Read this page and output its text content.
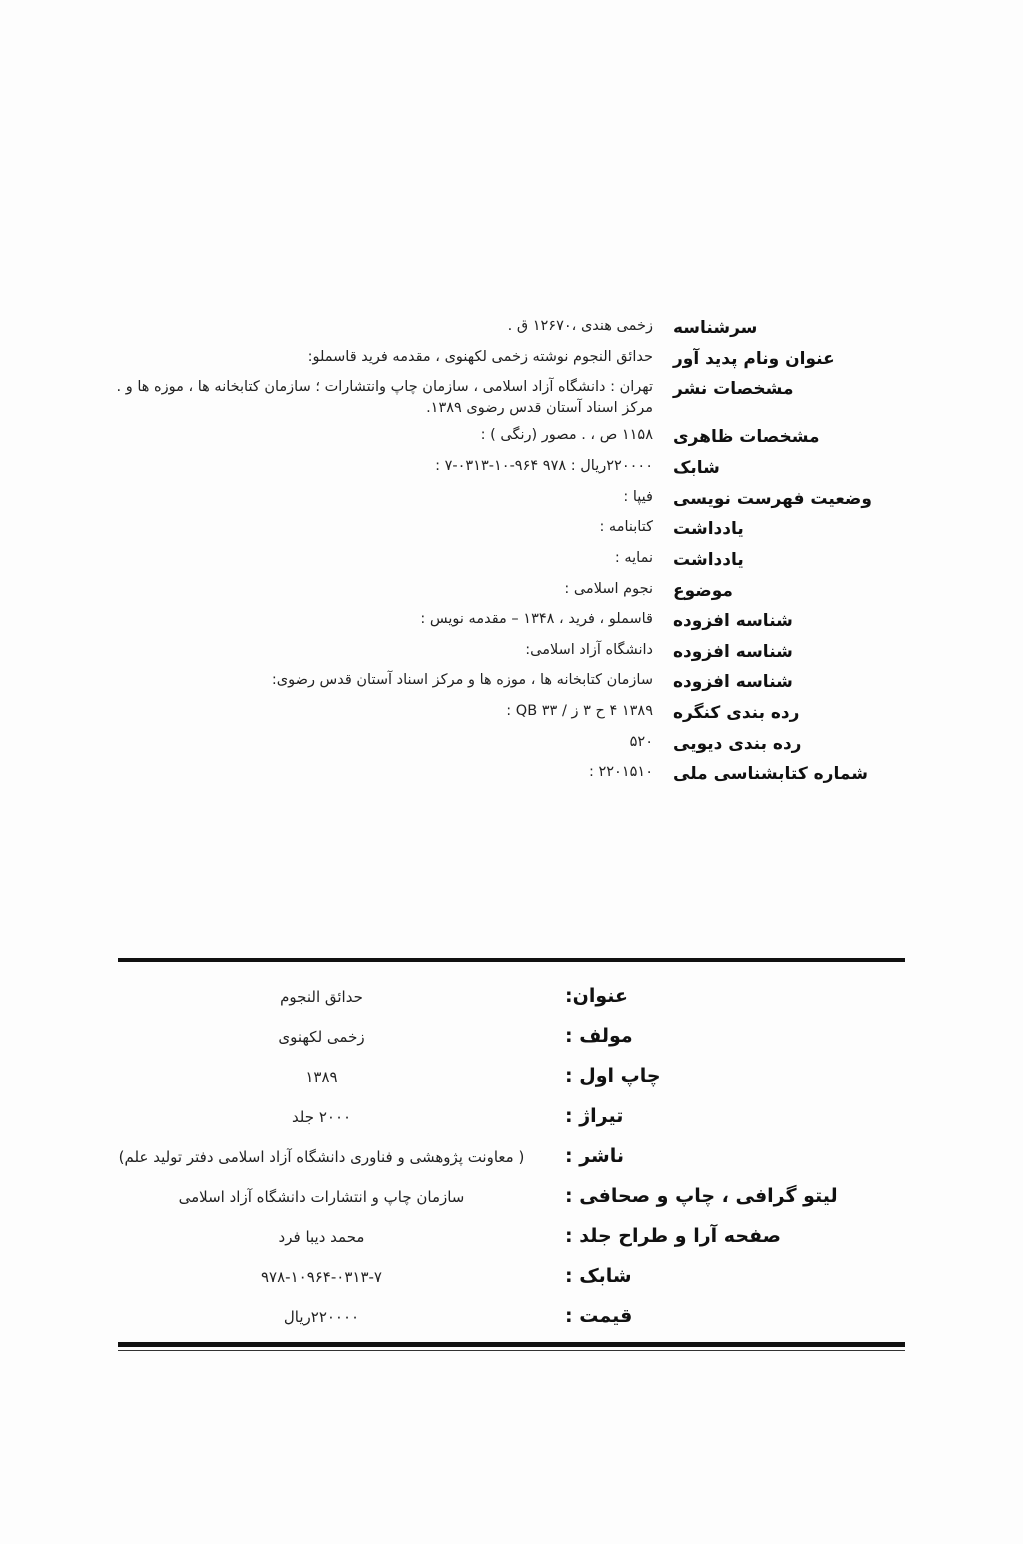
سرشناسه
زخمی هندی ،۱۲۶۷۰ ق .
عنوان ونام پدید آور
حدائق النجوم نوشته زخمی لکهنوی ، مقدمه فرید قاسملو:
مشخصات نشر
تهران : دانشگاه آزاد اسلامی ، سازمان چاپ وانتشارات ؛ سازمان کتابخانه ها ، موزه ها و .
مرکز اسناد آستان قدس رضوی ۱۳۸۹.
مشخصات ظاهری
۱۱۵۸ ص ، . مصور (رنگی ) :
شابک
۲۲۰۰۰۰ریال : ۹۷۸ ۹۶۴-۱۰-۰۳۱۳-۷ :
وضعیت فهرست نویسی
فیپا :
یادداشت
کتابنامه :
یادداشت
نمایه :
موضوع
نجوم اسلامی :
شناسه افزوده
قاسملو ، فرید ، ۱۳۴۸ – مقدمه نویس :
شناسه افزوده
دانشگاه آزاد اسلامی:
شناسه افزوده
سازمان کتابخانه ها ، موزه ها و مرکز اسناد آستان قدس رضوی:
رده بندی کنگره
۱۳۸۹ ۴ ح ۳ ز / ۳۳ QB :
رده بندی دیویی
۵۲۰
شماره کتابشناسی ملی
۲۲۰۱۵۱۰ :
عنوان:
حدائق النجوم
مولف :
زخمی لکهنوی
چاپ اول :
۱۳۸۹
تیراژ :
۲۰۰۰ جلد
ناشر :
( معاونت پژوهشی و فناوری دانشگاه آزاد اسلامی دفتر تولید علم)
لیتو گرافی ، چاپ و صحافی :
سازمان چاپ و انتشارات دانشگاه آزاد اسلامی
صفحه آرا و طراح جلد :
محمد دیبا فرد
شابک :
۹۷۸-۱۰۹۶۴-۰۳۱۳-۷
قیمت :
۲۲۰۰۰۰ریال
